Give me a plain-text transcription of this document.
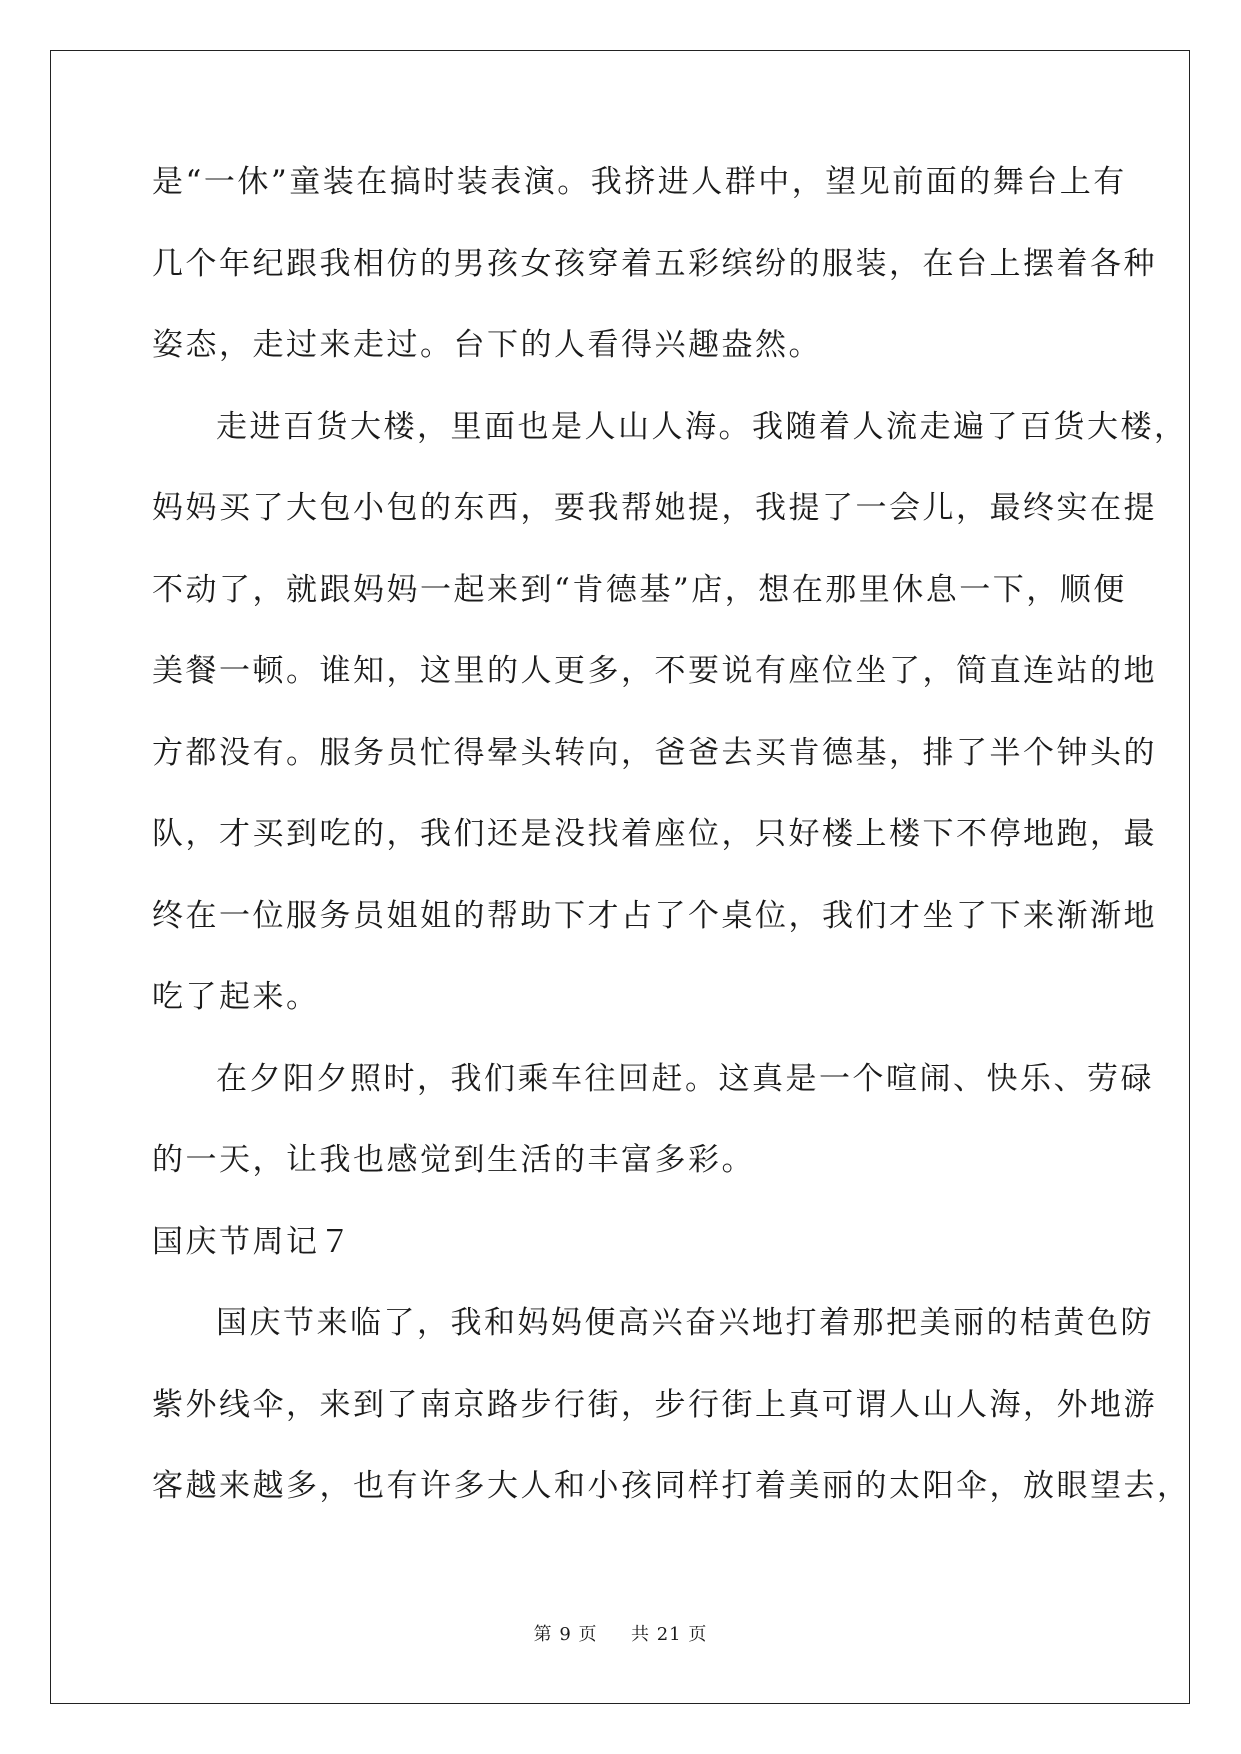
是“一休”童装在搞时装表演。我挤进人群中，望见前面的舞台上有
几个年纪跟我相仿的男孩女孩穿着五彩缤纷的服装，在台上摆着各种
姿态，走过来走过。台下的人看得兴趣盎然。
走进百货大楼，里面也是人山人海。我随着人流走遍了百货大楼，
妈妈买了大包小包的东西，要我帮她提，我提了一会儿，最终实在提
不动了，就跟妈妈一起来到“肯德基”店，想在那里休息一下，顺便
美餐一顿。谁知，这里的人更多，不要说有座位坐了，简直连站的地
方都没有。服务员忙得晕头转向，爸爸去买肯德基，排了半个钟头的
队，才买到吃的，我们还是没找着座位，只好楼上楼下不停地跑，最
终在一位服务员姐姐的帮助下才占了个桌位，我们才坐了下来渐渐地
吃了起来。
在夕阳夕照时，我们乘车往回赶。这真是一个喧闹、快乐、劳碌
的一天，让我也感觉到生活的丰富多彩。
国庆节周记７
国庆节来临了，我和妈妈便高兴奋兴地打着那把美丽的桔黄色防
紫外线伞，来到了南京路步行街，步行街上真可谓人山人海，外地游
客越来越多，也有许多大人和小孩同样打着美丽的太阳伞，放眼望去，
第 9 页 共 21 页
